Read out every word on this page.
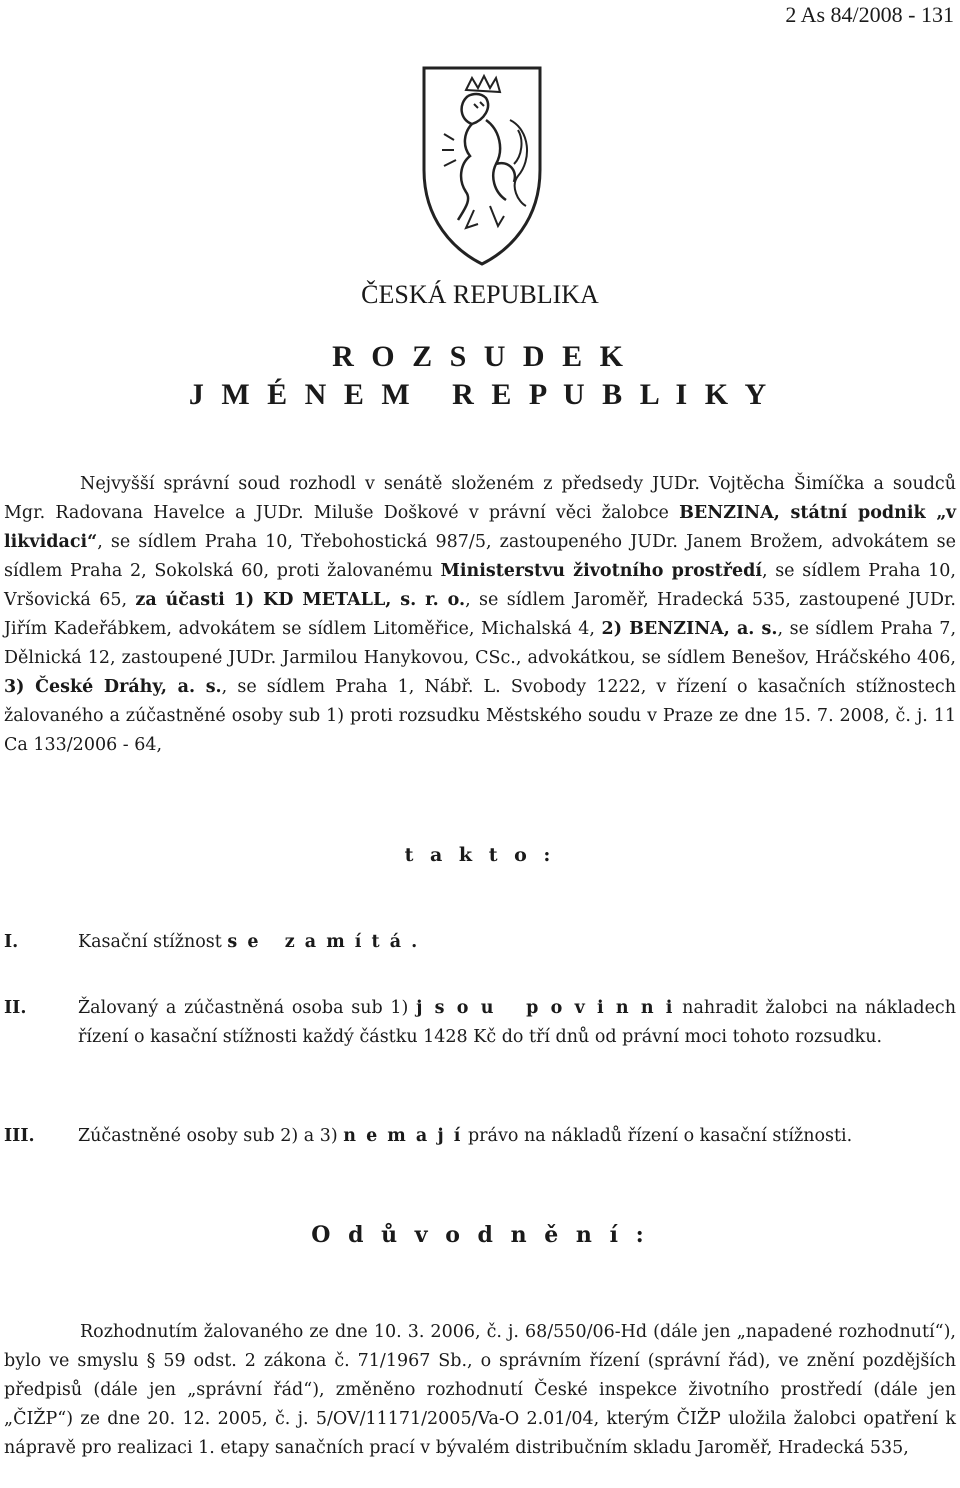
2 As 84/2008 - 131
ČESKÁ REPUBLIKA
R O Z S U D E K
J M É N E M   R E P U B L I K Y

Nejvyšší správní soud rozhodl v senátě složeném z předsedy JUDr. Vojtěcha Šimíčka a soudců Mgr. Radovana Havelce a JUDr. Miluše Doškové v právní věci žalobce BENZINA, státní podnik „v likvidaci“, se sídlem Praha 10, Třebohostická 987/5, zastoupeného JUDr. Janem Brožem, advokátem se sídlem Praha 2, Sokolská 60, proti žalovanému Ministerstvu životního prostředí, se sídlem Praha 10, Vršovická 65, za účasti 1) KD METALL, s. r. o., se sídlem Jaroměř, Hradecká 535, zastoupené JUDr. Jiřím Kadeřábkem, advokátem se sídlem Litoměřice, Michalská 4, 2) BENZINA, a. s., se sídlem Praha 7, Dělnická 12, zastoupené JUDr. Jarmilou Hanykovou, CSc., advokátkou, se sídlem Benešov, Hráčského 406, 3) České Dráhy, a. s., se sídlem Praha 1, Nábř. L. Svobody 1222, v řízení o kasačních stížnostech žalovaného a zúčastněné osoby sub 1) proti rozsudku Městského soudu v Praze ze dne 15. 7. 2008, č. j. 11 Ca 133/2006 - 64,

t a k t o :
I.	Kasační stížnost s e   z a m í t á .
II.	Žalovaný a zúčastněná osoba sub 1) j s o u   p o v i n n i nahradit žalobci na nákladech řízení o kasační stížnosti každý částku 1428 Kč do tří dnů od právní moci tohoto rozsudku.
III. Zúčastněné osoby sub 2) a 3) n e m a j í právo na nákladů řízení o kasační stížnosti.
O d ů v o d n ě n í :

Rozhodnutím žalovaného ze dne 10. 3. 2006, č. j. 68/550/06-Hd (dále jen „napadené rozhodnutí“), bylo ve smyslu § 59 odst. 2 zákona č. 71/1967 Sb., o správním řízení (správní řád), ve znění pozdějších předpisů (dále jen „správní řád“), změněno rozhodnutí České inspekce životního prostředí (dále jen „ČIŽP“) ze dne 20. 12. 2005, č. j. 5/OV/11171/2005/Va-O 2.01/04, kterým ČIŽP uložila žalobci opatření k nápravě pro realizaci 1. etapy sanačních prací v bývalém distribučním skladu Jaroměř, Hradecká 535,
